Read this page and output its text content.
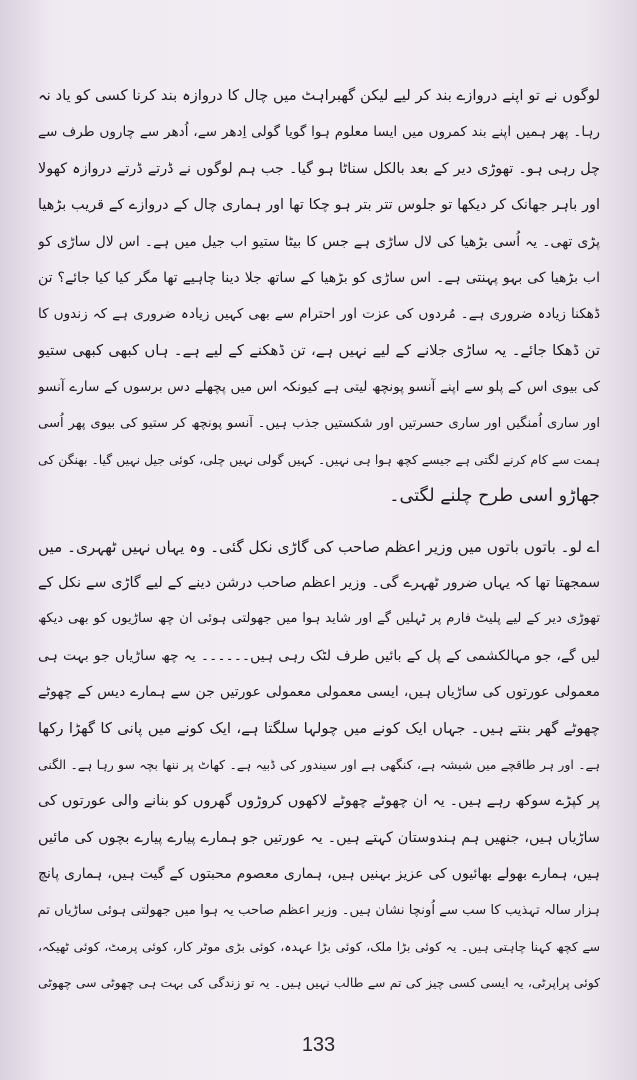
لوگوں نے تو اپنے دروازے بند کر لیے لیکن گھبراہٹ میں چال کا دروازہ بند کرنا کسی کو یاد نہ
رہا۔ پھر ہمیں اپنے بند کمروں میں ایسا معلوم ہوا گویا گولی اِدھر سے، اُدھر سے چاروں طرف سے
چل رہی ہو۔ تھوڑی دیر کے بعد بالکل سناٹا ہو گیا۔ جب ہم لوگوں نے ڈرتے ڈرتے دروازہ کھولا
اور باہر جھانک کر دیکھا تو جلوس تتر بتر ہو چکا تھا اور ہماری چال کے دروازے کے قریب بڑھیا
پڑی تھی۔ یہ اُسی بڑھیا کی لال ساڑی ہے جس کا بیٹا ستیو اب جیل میں ہے۔ اس لال ساڑی کو
اب بڑھیا کی بہو پہنتی ہے۔ اس ساڑی کو بڑھیا کے ساتھ جلا دینا چاہیے تھا مگر کیا کیا جائے؟ تن
ڈھکنا زیادہ ضروری ہے۔ مُردوں کی عزت اور احترام سے بھی کہیں زیادہ ضروری ہے کہ زندوں کا
تن ڈھکا جائے۔ یہ ساڑی جلانے کے لیے نہیں ہے، تن ڈھکنے کے لیے ہے۔ ہاں کبھی کبھی ستیو
کی بیوی اس کے پلو سے اپنے آنسو پونچھ لیتی ہے کیونکہ اس میں پچھلے دس برسوں کے سارے آنسو
اور ساری اُمنگیں اور ساری حسرتیں اور شکستیں جذب ہیں۔ آنسو پونچھ کر ستیو کی بیوی پھر اُسی
ہمت سے کام کرنے لگتی ہے جیسے کچھ ہوا ہی نہیں۔ کہیں گولی نہیں چلی، کوئی جیل نہیں گیا۔ بھنگن کی
جھاڑو اسی طرح چلنے لگتی۔
اے لو۔ باتوں باتوں میں وزیر اعظم صاحب کی گاڑی نکل گئی۔ وہ یہاں نہیں ٹھہری۔ میں
سمجھتا تھا کہ یہاں ضرور ٹھہرے گی۔ وزیر اعظم صاحب درشن دینے کے لیے گاڑی سے نکل کے
تھوڑی دیر کے لیے پلیٹ فارم پر ٹہلیں گے اور شاید ہوا میں جھولتی ہوئی ان چھ ساڑیوں کو بھی دیکھ
لیں گے، جو مہالکشمی کے پل کے بائیں طرف لٹک رہی ہیں۔۔۔۔۔۔ یہ چھ ساڑیاں جو بہت ہی
معمولی عورتوں کی ساڑیاں ہیں، ایسی معمولی معمولی عورتیں جن سے ہمارے دیس کے چھوٹے
چھوٹے گھر بنتے ہیں۔ جہاں ایک کونے میں چولہا سلگتا ہے، ایک کونے میں پانی کا گھڑا رکھا
ہے۔ اور ہر طاقچے میں شیشہ ہے، کنگھی ہے اور سیندور کی ڈبیہ ہے۔ کھاٹ پر ننھا بچہ سو رہا ہے۔ الگنی
پر کپڑے سوکھ رہے ہیں۔ یہ ان چھوٹے چھوٹے لاکھوں کروڑوں گھروں کو بنانے والی عورتوں کی
ساڑیاں ہیں، جنھیں ہم ہندوستان کہتے ہیں۔ یہ عورتیں جو ہمارے پیارے پیارے بچوں کی مائیں
ہیں، ہمارے بھولے بھائیوں کی عزیز بہنیں ہیں، ہماری معصوم محبتوں کے گیت ہیں، ہماری پانچ
ہزار سالہ تہذیب کا سب سے اُونچا نشان ہیں۔ وزیر اعظم صاحب یہ ہوا میں جھولتی ہوئی ساڑیاں تم
سے کچھ کہنا چاہتی ہیں۔ یہ کوئی بڑا ملک، کوئی بڑا عہدہ، کوئی بڑی موٹر کار، کوئی پرمٹ، کوئی ٹھیکہ،
کوئی پراپرٹی، یہ ایسی کسی چیز کی تم سے طالب نہیں ہیں۔ یہ تو زندگی کی بہت ہی چھوٹی سی چھوٹی
133
